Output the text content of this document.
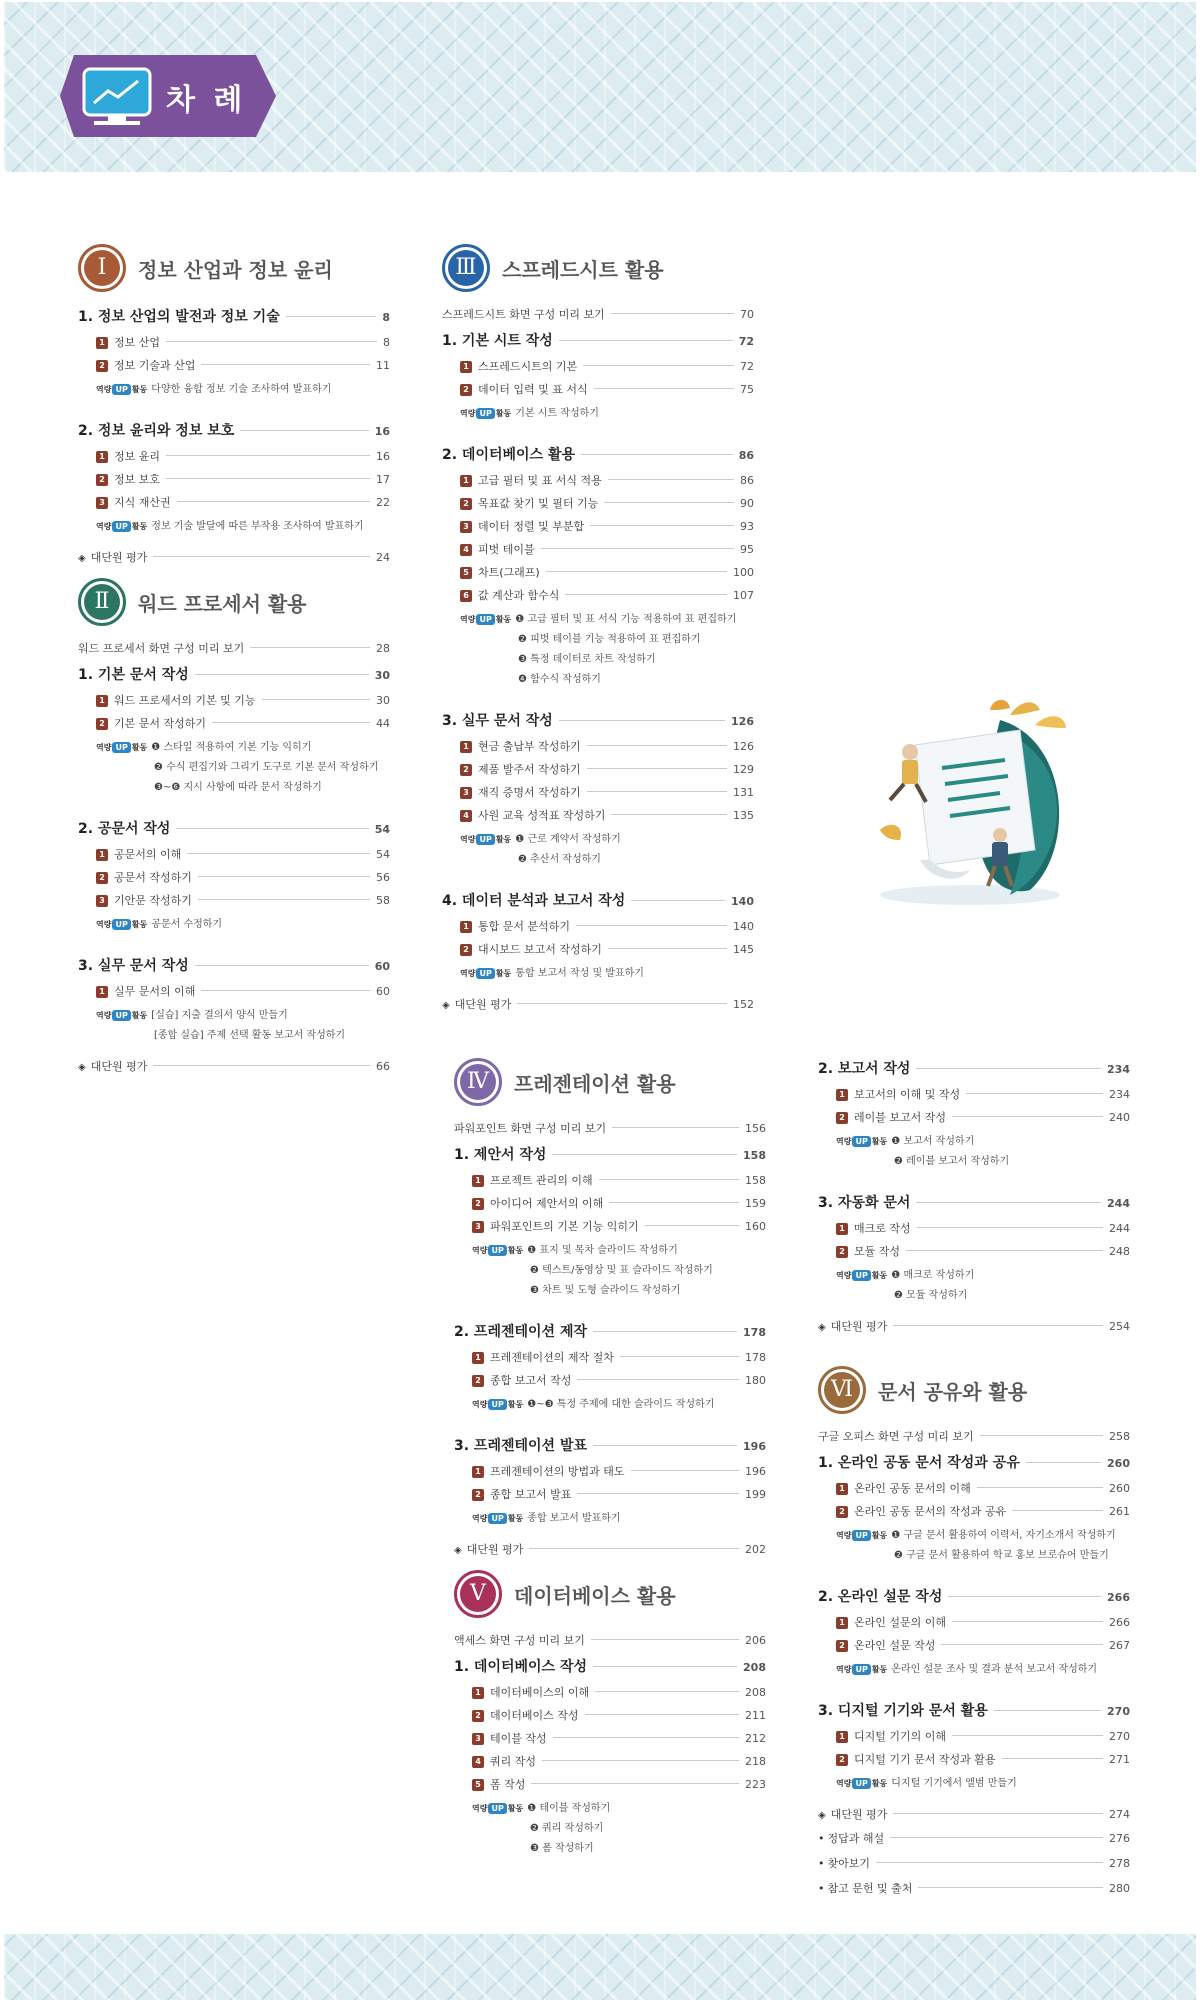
차 례
Ⅰ	정보 산업과 정보 윤리
1. 정보 산업의 발전과 정보 기술	8
1 정보 산업	8
2 정보 기술과 산업	11
역량 UP 활동 다양한 융합 정보 기술 조사하여 발표하기
2. 정보 윤리와 정보 보호	16
1 정보 윤리	16
2 정보 보호	17
3 지식 재산권	22
역량 UP 활동 정보 기술 발달에 따른 부작용 조사하여 발표하기
◈ 대단원 평가	24
Ⅱ	워드 프로세서 활용
워드 프로세서 화면 구성 미리 보기	28
1. 기본 문서 작성	30
1 워드 프로세서의 기본 및 기능	30
2 기본 문서 작성하기	44
역량 UP 활동 ❶ 스타일 적용하여 기본 기능 익히기
❷ 수식 편집기와 그리기 도구로 기본 문서 작성하기
❸~❻ 지시 사항에 따라 문서 작성하기
2. 공문서 작성	54
1 공문서의 이해	54
2 공문서 작성하기	56
3 기안문 작성하기	58
역량 UP 활동 공문서 수정하기
3. 실무 문서 작성	60
1 실무 문서의 이해	60
역량 UP 활동 [실습] 지출 결의서 양식 만들기
[종합 실습] 주제 선택 활동 보고서 작성하기
◈ 대단원 평가	66
Ⅲ	스프레드시트 활용
스프레드시트 화면 구성 미리 보기	70
1. 기본 시트 작성	72
1 스프레드시트의 기본	72
2 데이터 입력 및 표 서식	75
역량 UP 활동 기본 시트 작성하기
2. 데이터베이스 활용	86
1 고급 필터 및 표 서식 적용	86
2 목표값 찾기 및 필터 기능	90
3 데이터 정렬 및 부분합	93
4 피벗 테이블	95
5 차트(그래프)	100
6 값 계산과 함수식	107
역량 UP 활동 ❶ 고급 필터 및 표 서식 기능 적용하여 표 편집하기
❷ 피벗 테이블 기능 적용하여 표 편집하기
❸ 특정 데이터로 차트 작성하기
❹ 함수식 작성하기
3. 실무 문서 작성	126
1 현금 출납부 작성하기	126
2 제품 발주서 작성하기	129
3 재직 증명서 작성하기	131
4 사원 교육 성적표 작성하기	135
역량 UP 활동 ❶ 근로 계약서 작성하기
❷ 추산서 작성하기
4. 데이터 분석과 보고서 작성	140
1 통합 문서 분석하기	140
2 대시보드 보고서 작성하기	145
역량 UP 활동 통합 보고서 작성 및 발표하기
◈ 대단원 평가	152
Ⅳ	프레젠테이션 활용
파워포인트 화면 구성 미리 보기	156
1. 제안서 작성	158
1 프로젝트 관리의 이해	158
2 아이디어 제안서의 이해	159
3 파워포인트의 기본 기능 익히기	160
역량 UP 활동 ❶ 표지 및 목차 슬라이드 작성하기
❷ 텍스트/동영상 및 표 슬라이드 작성하기
❸ 차트 및 도형 슬라이드 작성하기
2. 프레젠테이션 제작	178
1 프레젠테이션의 제작 절차	178
2 종합 보고서 작성	180
역량 UP 활동 ❶~❸ 특정 주제에 대한 슬라이드 작성하기
3. 프레젠테이션 발표	196
1 프레젠테이션의 방법과 태도	196
2 종합 보고서 발표	199
역량 UP 활동 종합 보고서 발표하기
◈ 대단원 평가	202
Ⅴ	데이터베이스 활용
액세스 화면 구성 미리 보기	206
1. 데이터베이스 작성	208
1 데이터베이스의 이해	208
2 데이터베이스 작성	211
3 테이블 작성	212
4 쿼리 작성	218
5 폼 작성	223
역량 UP 활동 ❶ 테이블 작성하기
❷ 쿼리 작성하기
❸ 폼 작성하기
2. 보고서 작성	234
1 보고서의 이해 및 작성	234
2 레이블 보고서 작성	240
역량 UP 활동 ❶ 보고서 작성하기
❷ 레이블 보고서 작성하기
3. 자동화 문서	244
1 매크로 작성	244
2 모듈 작성	248
역량 UP 활동 ❶ 매크로 작성하기
❷ 모듈 작성하기
◈ 대단원 평가	254
Ⅵ	문서 공유와 활용
구글 오피스 화면 구성 미리 보기	258
1. 온라인 공동 문서 작성과 공유	260
1 온라인 공동 문서의 이해	260
2 온라인 공동 문서의 작성과 공유	261
역량 UP 활동 ❶ 구글 문서 활용하여 이력서, 자기소개서 작성하기
❷ 구글 문서 활용하여 학교 홍보 브로슈어 만들기
2. 온라인 설문 작성	266
1 온라인 설문의 이해	266
2 온라인 설문 작성	267
역량 UP 활동 온라인 설문 조사 및 결과 분석 보고서 작성하기
3. 디지털 기기와 문서 활용	270
1 디지털 기기의 이해	270
2 디지털 기기 문서 작성과 활용	271
역량 UP 활동 디지털 기기에서 앨범 만들기
◈ 대단원 평가	274
• 정답과 해설	276
• 찾아보기	278
• 참고 문헌 및 출처	280
